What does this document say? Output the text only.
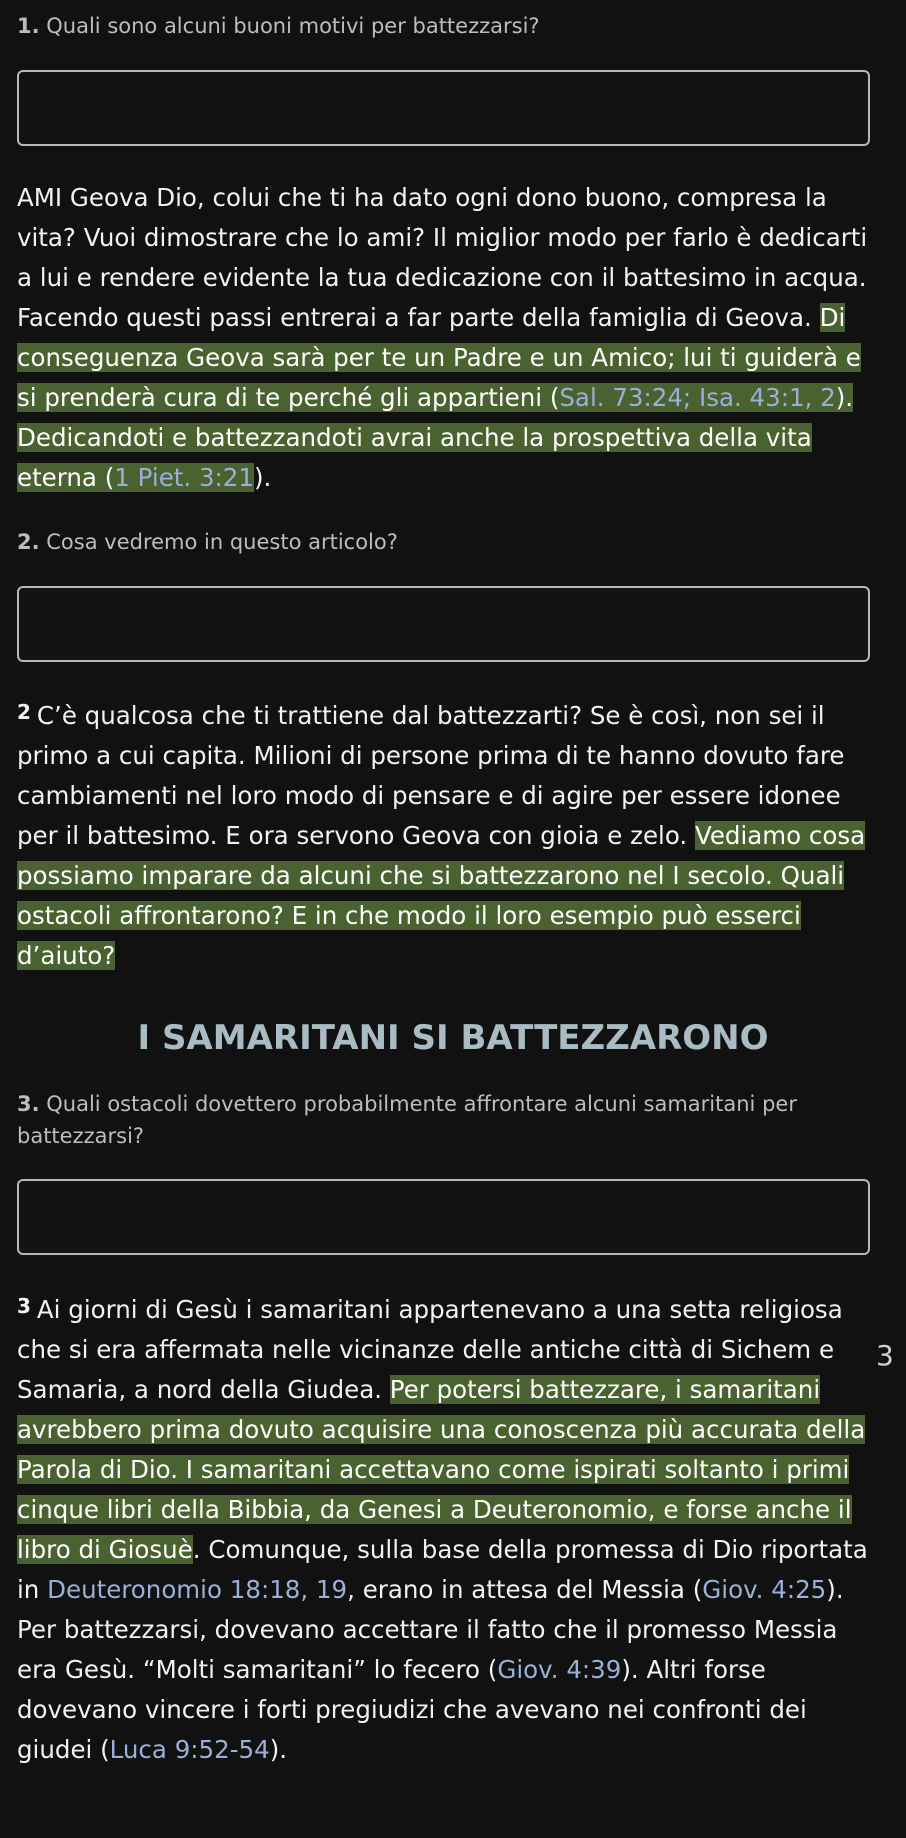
1. Quali sono alcuni buoni motivi per battezzarsi?

AMI Geova Dio, colui che ti ha dato ogni dono buono, compresa la vita? Vuoi dimostrare che lo ami? Il miglior modo per farlo è dedicarti a lui e rendere evidente la tua dedicazione con il battesimo in acqua. Facendo questi passi entrerai a far parte della famiglia di Geova. Di conseguenza Geova sarà per te un Padre e un Amico; lui ti guiderà e si prenderà cura di te perché gli appartieni (Sal. 73:24; Isa. 43:1, 2). Dedicandoti e battezzandoti avrai anche la prospettiva della vita eterna (1 Piet. 3:21).

2. Cosa vedremo in questo articolo?

$^2$ C’è qualcosa che ti trattiene dal battezzarti? Se è così, non sei il primo a cui capita. Milioni di persone prima di te hanno dovuto fare cambiamenti nel loro modo di pensare e di agire per essere idonee per il battesimo. E ora servono Geova con gioia e zelo. Vediamo cosa possiamo imparare da alcuni che si battezzarono nel I secolo. Quali ostacoli affrontarono? E in che modo il loro esempio può esserci d’aiuto?

I SAMARITANI SI BATTEZZARONO

3. Quali ostacoli dovettero probabilmente affrontare alcuni samaritani per battezzarsi?

$^3$ Ai giorni di Gesù i samaritani appartenevano a una setta religiosa che si era affermata nelle vicinanze delle antiche città di Sichem e Samaria, a nord della Giudea. Per potersi battezzare, i samaritani avrebbero prima dovuto acquisire una conoscenza più accurata della Parola di Dio. I samaritani accettavano come ispirati soltanto i primi cinque libri della Bibbia, da Genesi a Deuteronomio, e forse anche il libro di Giosuè. Comunque, sulla base della promessa di Dio riportata in Deuteronomio 18:18, 19, erano in attesa del Messia (Giov. 4:25). Per battezzarsi, dovevano accettare il fatto che il promesso Messia era Gesù. “Molti samaritani” lo fecero (Giov. 4:39). Altri forse dovevano vincere i forti pregiudizi che avevano nei confronti dei giudei (Luca 9:52-54).

3
